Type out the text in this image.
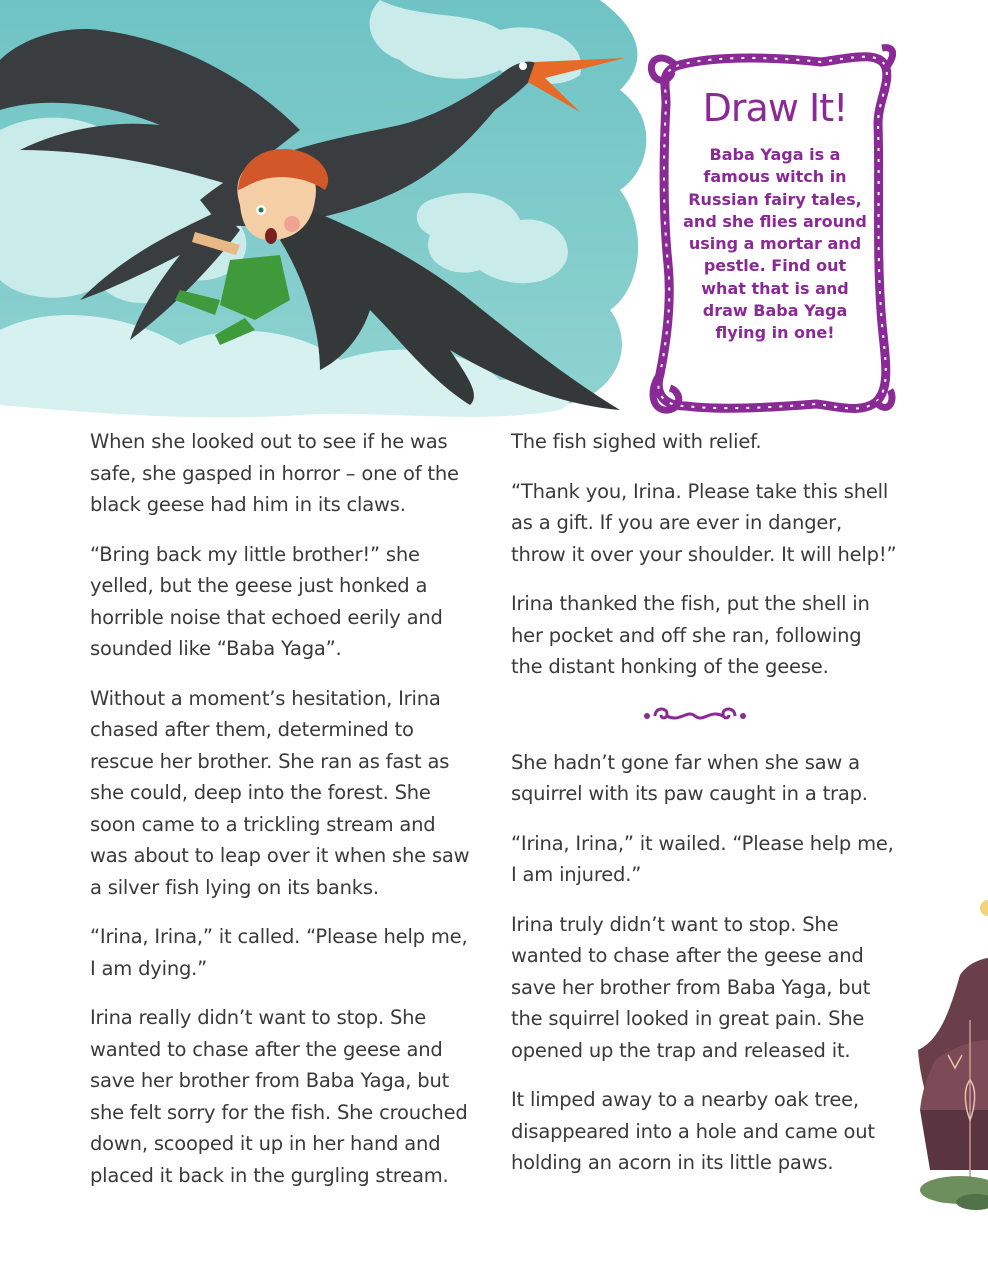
Draw It!
Baba Yaga is a famous witch in Russian fairy tales, and she flies around using a mortar and pestle. Find out what that is and draw Baba Yaga flying in one!

When she looked out to see if he was safe, she gasped in horror – one of the black geese had him in its claws.

“Bring back my little brother!” she yelled, but the geese just honked a horrible noise that echoed eerily and sounded like “Baba Yaga”.

Without a moment’s hesitation, Irina chased after them, determined to rescue her brother. She ran as fast as she could, deep into the forest. She soon came to a trickling stream and was about to leap over it when she saw a silver fish lying on its banks.

“Irina, Irina,” it called. “Please help me, I am dying.”

Irina really didn’t want to stop. She wanted to chase after the geese and save her brother from Baba Yaga, but she felt sorry for the fish. She crouched down, scooped it up in her hand and placed it back in the gurgling stream.

The fish sighed with relief.

“Thank you, Irina. Please take this shell as a gift. If you are ever in danger, throw it over your shoulder. It will help!”

Irina thanked the fish, put the shell in her pocket and off she ran, following the distant honking of the geese.

She hadn’t gone far when she saw a squirrel with its paw caught in a trap.

“Irina, Irina,” it wailed. “Please help me, I am injured.”

Irina truly didn’t want to stop. She wanted to chase after the geese and save her brother from Baba Yaga, but the squirrel looked in great pain. She opened up the trap and released it.

It limped away to a nearby oak tree, disappeared into a hole and came out holding an acorn in its little paws.
